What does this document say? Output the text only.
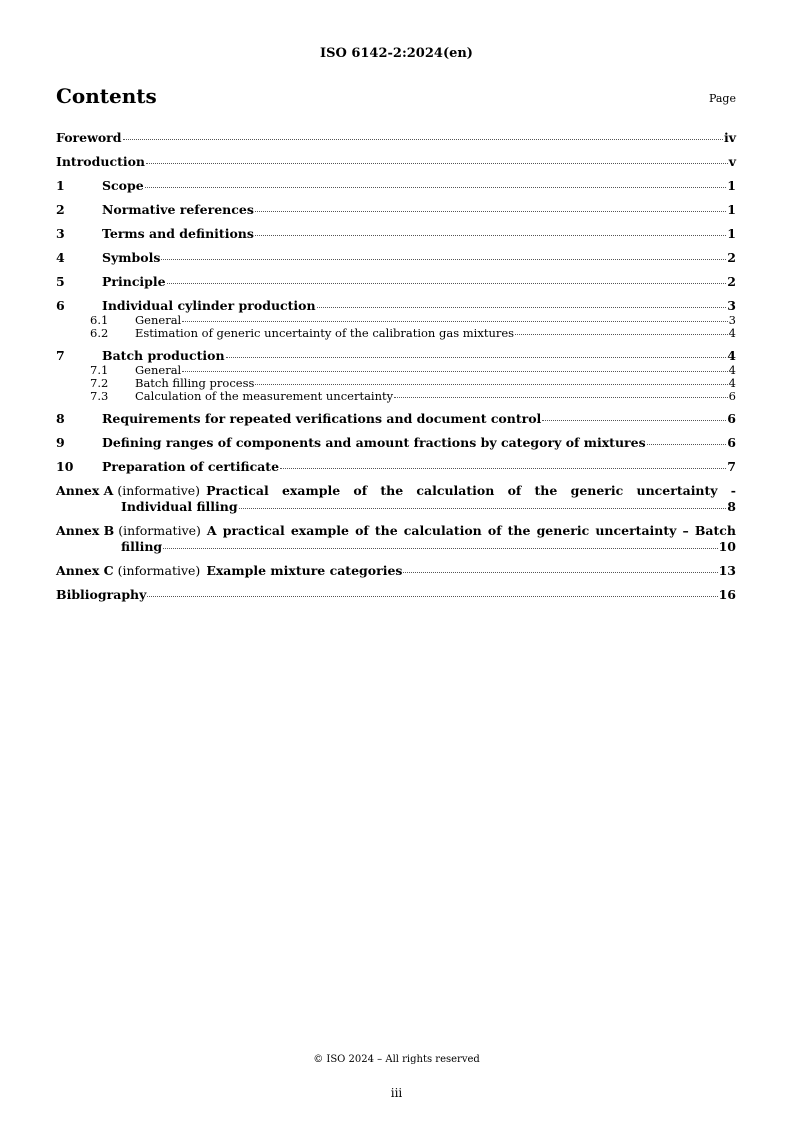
ISO 6142-2:2024(en)
Contents	Page
Foreword	iv
Introduction	v
1	Scope	1
2	Normative references	1
3	Terms and definitions	1
4	Symbols	2
5	Principle	2
6	Individual cylinder production	3
6.1	General	3
6.2	Estimation of generic uncertainty of the calibration gas mixtures	4
7	Batch production	4
7.1	General	4
7.2	Batch filling process	4
7.3	Calculation of the measurement uncertainty	6
8	Requirements for repeated verifications and document control	6
9	Defining ranges of components and amount fractions by category of mixtures	6
10	Preparation of certificate	7
Annex A (informative) Practical example of the calculation of the generic uncertainty -
Individual filling	8
Annex B (informative) A practical example of the calculation of the generic uncertainty – Batch
filling	10
Annex C (informative) Example mixture categories	13
Bibliography	16
© ISO 2024 – All rights reserved
iii
